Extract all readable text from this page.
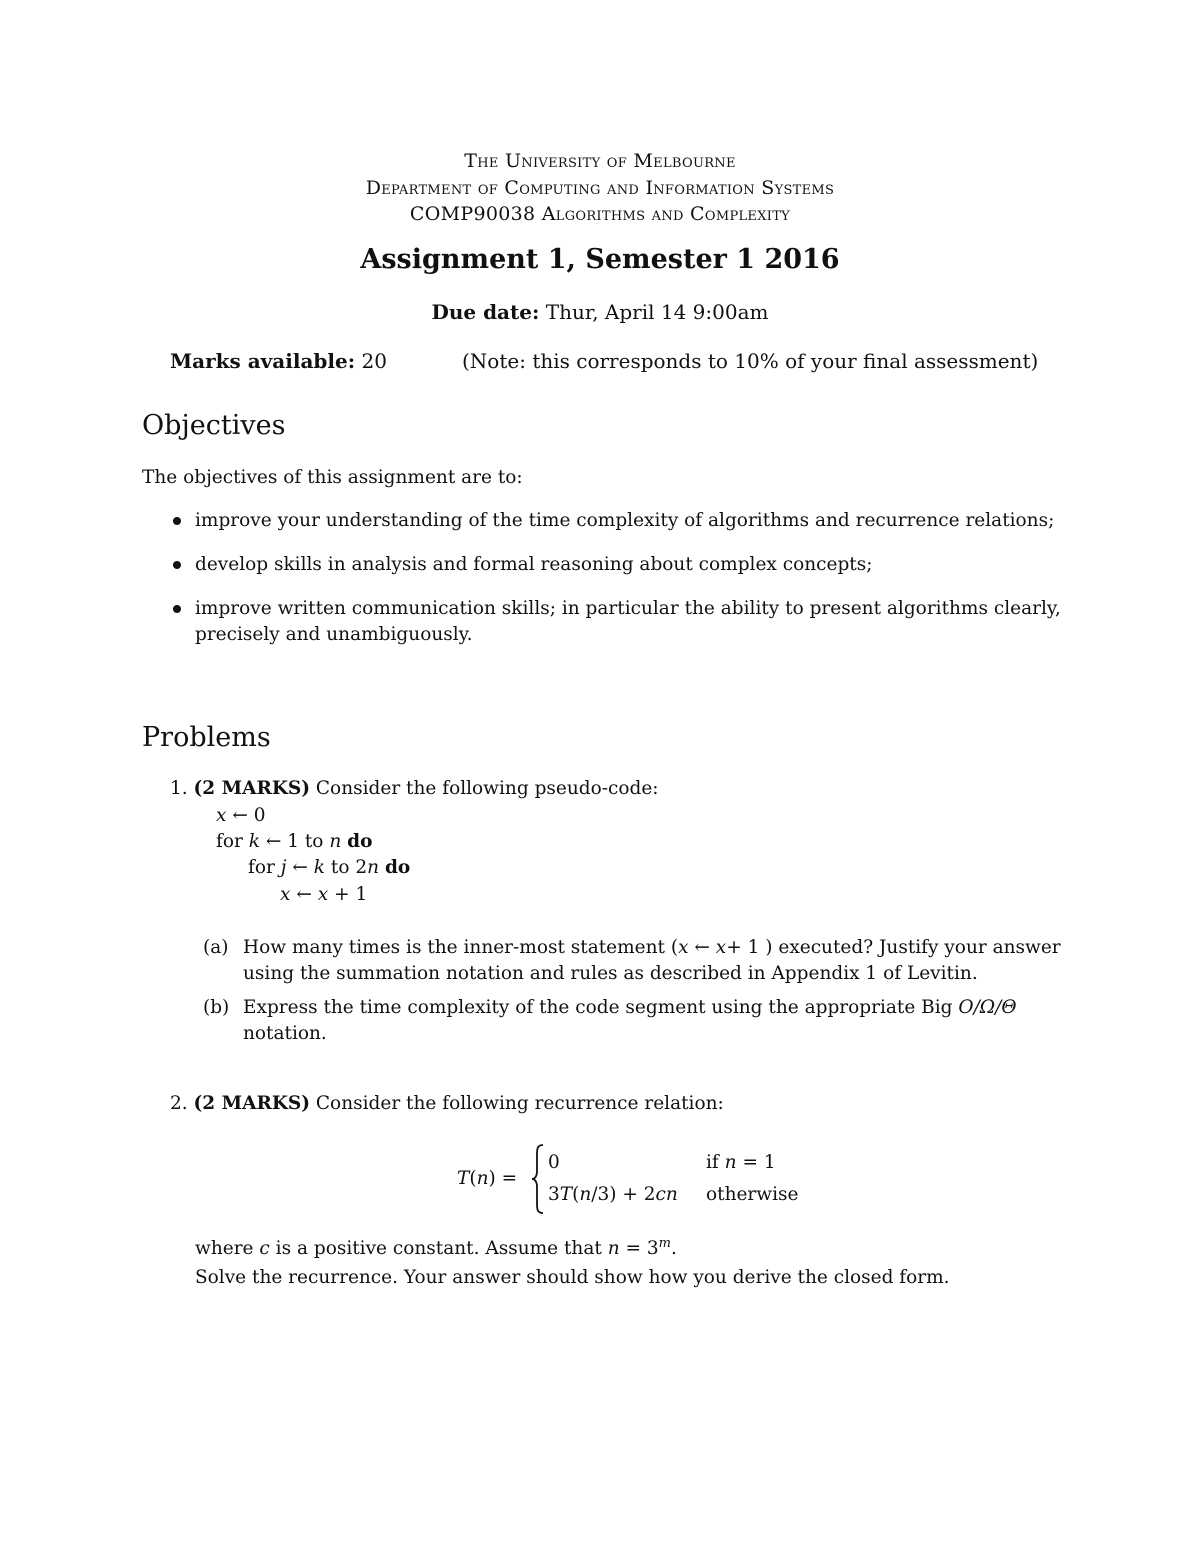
The University of Melbourne
Department of Computing and Information Systems
COMP90038 Algorithms and Complexity
Assignment 1, Semester 1 2016
Due date: Thur, April 14 9:00am
Marks available: 20	(Note: this corresponds to 10% of your final assessment)
Objectives
The objectives of this assignment are to:
improve your understanding of the time complexity of algorithms and recurrence relations;
develop skills in analysis and formal reasoning about complex concepts;
improve written communication skills; in particular the ability to present algorithms clearly,
precisely and unambiguously.
Problems
1. (2 MARKS) Consider the following pseudo-code:
x ← 0
for k ← 1 to n do
for j ← k to 2n do
x ← x + 1
(a) How many times is the inner-most statement (x ← x+ 1 ) executed? Justify your answer
using the summation notation and rules as described in Appendix 1 of Levitin.
(b) Express the time complexity of the code segment using the appropriate Big O/Ω/Θ
notation.
2. (2 MARKS) Consider the following recurrence relation:
T(n) =
0	if n = 1
3T(n/3) + 2cn otherwise
where c is a positive constant. Assume that $n = 3^m$.
Solve the recurrence. Your answer should show how you derive the closed form.
